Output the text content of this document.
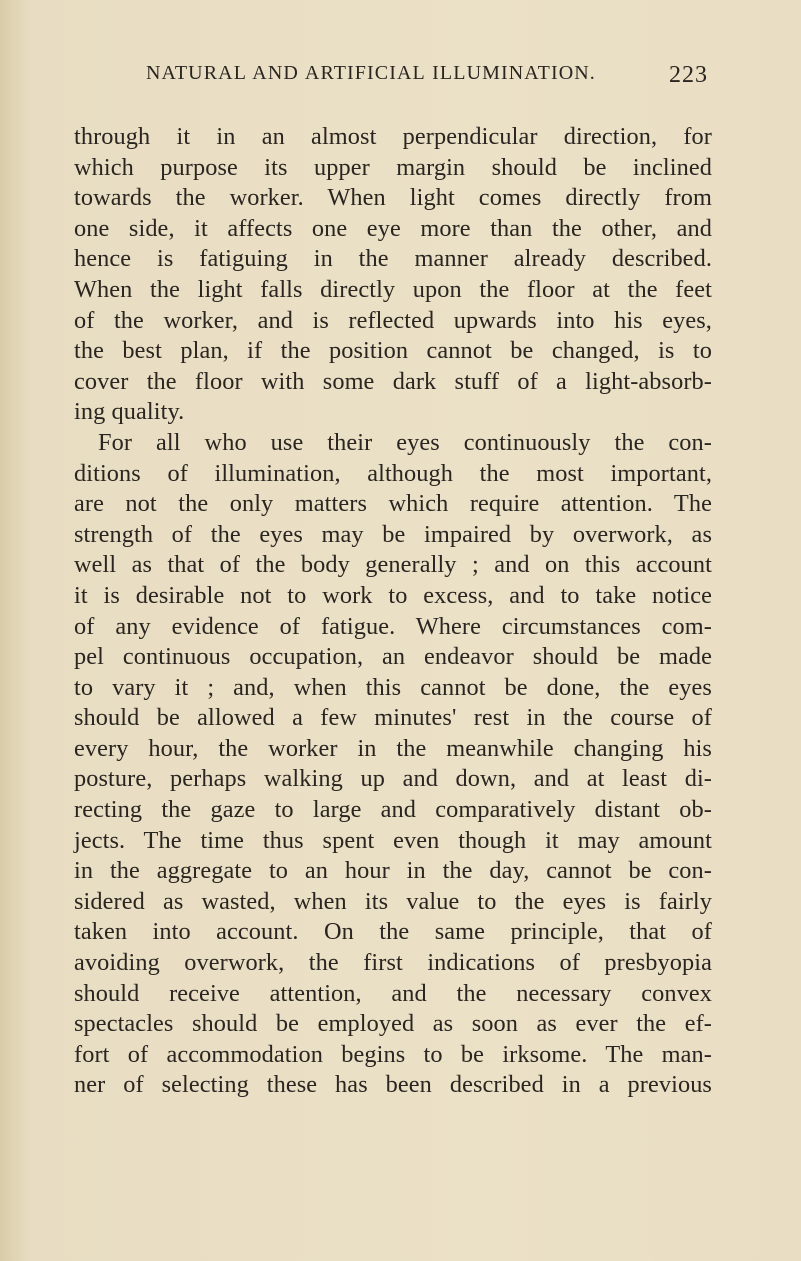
NATURAL AND ARTIFICIAL ILLUMINATION.	223
through it in an almost perpendicular direction, for
which purpose its upper margin should be inclined
towards the worker. When light comes directly from
one side, it affects one eye more than the other, and
hence is fatiguing in the manner already described.
When the light falls directly upon the floor at the feet
of the worker, and is reflected upwards into his eyes,
the best plan, if the position cannot be changed, is to
cover the floor with some dark stuff of a light-absorb-
ing quality.
For all who use their eyes continuously the con-
ditions of illumination, although the most important,
are not the only matters which require attention. The
strength of the eyes may be impaired by overwork, as
well as that of the body generally ; and on this account
it is desirable not to work to excess, and to take notice
of any evidence of fatigue. Where circumstances com-
pel continuous occupation, an endeavor should be made
to vary it ; and, when this cannot be done, the eyes
should be allowed a few minutes' rest in the course of
every hour, the worker in the meanwhile changing his
posture, perhaps walking up and down, and at least di-
recting the gaze to large and comparatively distant ob-
jects. The time thus spent even though it may amount
in the aggregate to an hour in the day, cannot be con-
sidered as wasted, when its value to the eyes is fairly
taken into account. On the same principle, that of
avoiding overwork, the first indications of presbyopia
should receive attention, and the necessary convex
spectacles should be employed as soon as ever the ef-
fort of accommodation begins to be irksome. The man-
ner of selecting these has been described in a previous
